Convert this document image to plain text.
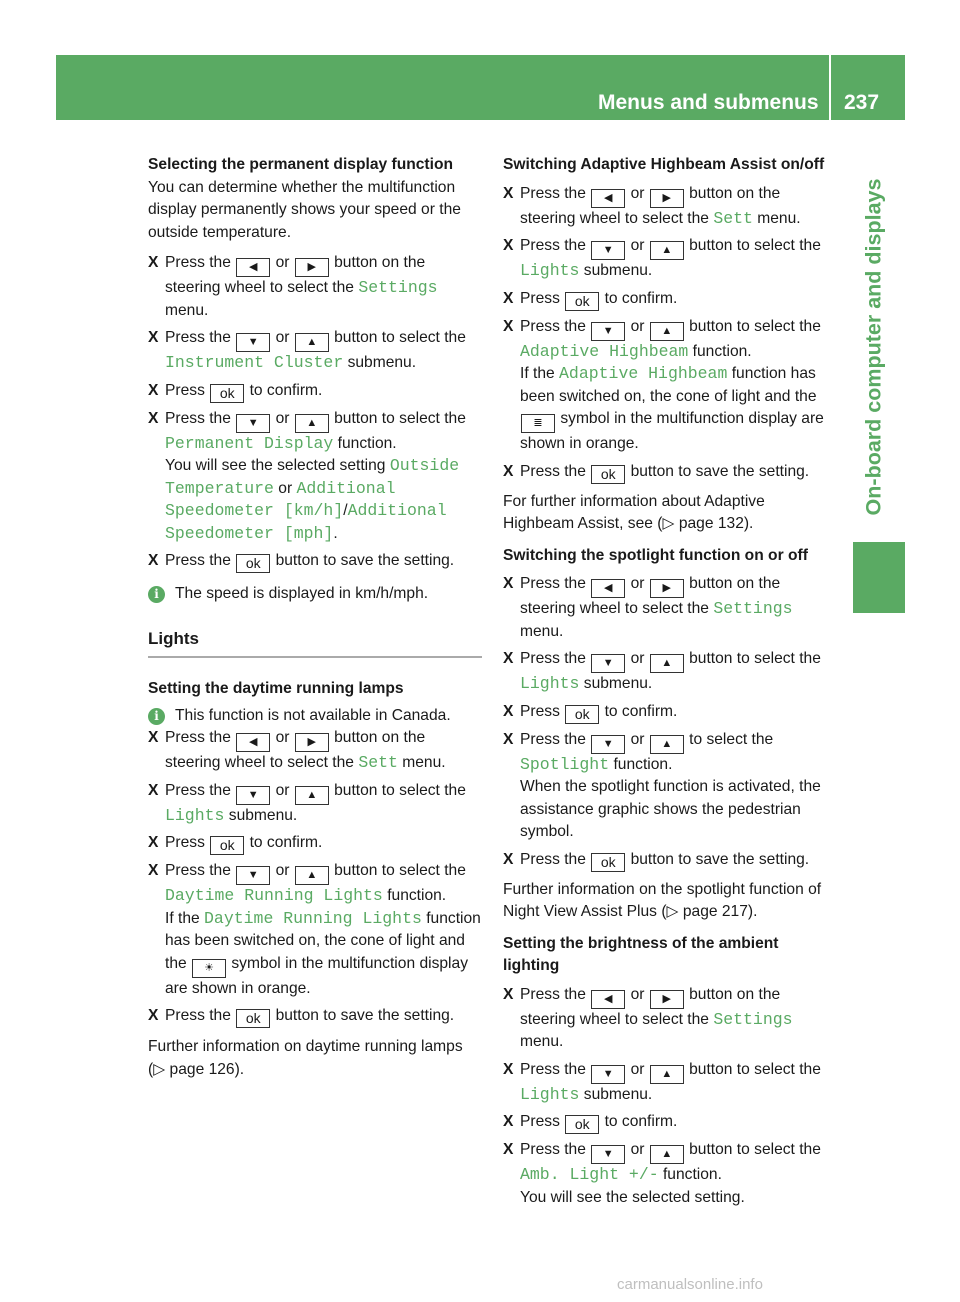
Menus and submenus 237
On-board computer and displays

Selecting the permanent display function

You can determine whether the multifunction display permanently shows your speed or the outside temperature.

X Press the ◀ or ▶ button on the steering wheel to select the Settings menu.
X Press the ▼ or ▲ button to select the Instrument Cluster submenu.
X Press ok to confirm.
X Press the ▼ or ▲ button to select the Permanent Display function.
You will see the selected setting Outside Temperature or Additional Speedometer [km/h]/Additional Speedometer [mph].
X Press the ok button to save the setting.

i	The speed is displayed in km/h/mph.

Lights

Setting the daytime running lamps

i	This function is not available in Canada.

X Press the ◀ or ▶ button on the steering wheel to select the Sett menu.
X Press the ▼ or ▲ button to select the Lights submenu.
X Press ok to confirm.
X Press the ▼ or ▲ button to select the Daytime Running Lights function.
If the Daytime Running Lights function has been switched on, the cone of light and the ☀ symbol in the multifunction display are shown in orange.
X Press the ok button to save the setting.

Further information on daytime running lamps (▷ page 126).

Switching Adaptive Highbeam Assist on/off

X Press the ◀ or ▶ button on the steering wheel to select the Sett menu.
X Press the ▼ or ▲ button to select the Lights submenu.
X Press ok to confirm.
X Press the ▼ or ▲ button to select the Adaptive Highbeam function.
If the Adaptive Highbeam function has been switched on, the cone of light and the ≣ symbol in the multifunction display are shown in orange.
X Press the ok button to save the setting.

For further information about Adaptive Highbeam Assist, see (▷ page 132).

Switching the spotlight function on or off

X Press the ◀ or ▶ button on the steering wheel to select the Settings menu.
X Press the ▼ or ▲ button to select the Lights submenu.
X Press ok to confirm.
X Press the ▼ or ▲ to select the Spotlight function.
When the spotlight function is activated, the assistance graphic shows the pedestrian symbol.
X Press the ok button to save the setting.

Further information on the spotlight function of Night View Assist Plus (▷ page 217).

Setting the brightness of the ambient lighting

X Press the ◀ or ▶ button on the steering wheel to select the Settings menu.
X Press the ▼ or ▲ button to select the Lights submenu.
X Press ok to confirm.
X Press the ▼ or ▲ button to select the Amb. Light +/- function.
You will see the selected setting.
carmanualsonline.info
